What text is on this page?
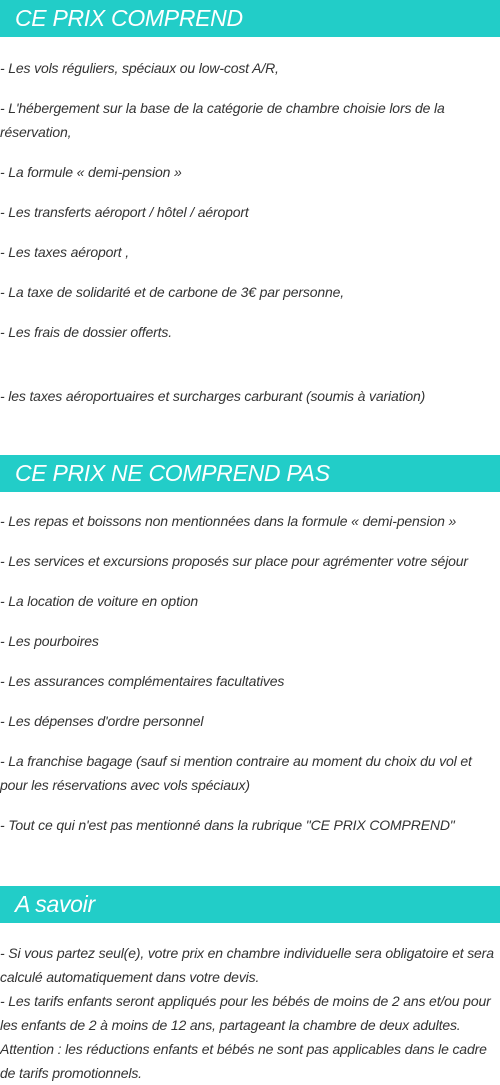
CE PRIX COMPREND

- Les vols réguliers, spéciaux ou low-cost A/R,

- L'hébergement sur la base de la catégorie de chambre choisie lors de la réservation,

- La formule « demi-pension »

- Les transferts aéroport / hôtel / aéroport

- Les taxes aéroport ,

- La taxe de solidarité et de carbone de 3€ par personne,

- Les frais de dossier offerts.

- les taxes aéroportuaires et surcharges carburant (soumis à variation)

CE PRIX NE COMPREND PAS

- Les repas et boissons non mentionnées dans la formule « demi-pension »

- Les services et excursions proposés sur place pour agrémenter votre séjour

- La location de voiture en option

- Les pourboires

- Les assurances complémentaires facultatives

- Les dépenses d'ordre personnel

- La franchise bagage (sauf si mention contraire au moment du choix du vol et pour les réservations avec vols spéciaux)

- Tout ce qui n'est pas mentionné dans la rubrique "CE PRIX COMPREND"

A savoir

- Si vous partez seul(e), votre prix en chambre individuelle sera obligatoire et sera calculé automatiquement dans votre devis.

- Les tarifs enfants seront appliqués pour les bébés de moins de 2 ans et/ou pour les enfants de 2 à moins de 12 ans, partageant la chambre de deux adultes.

Attention : les réductions enfants et bébés ne sont pas applicables dans le cadre de tarifs promotionnels.
